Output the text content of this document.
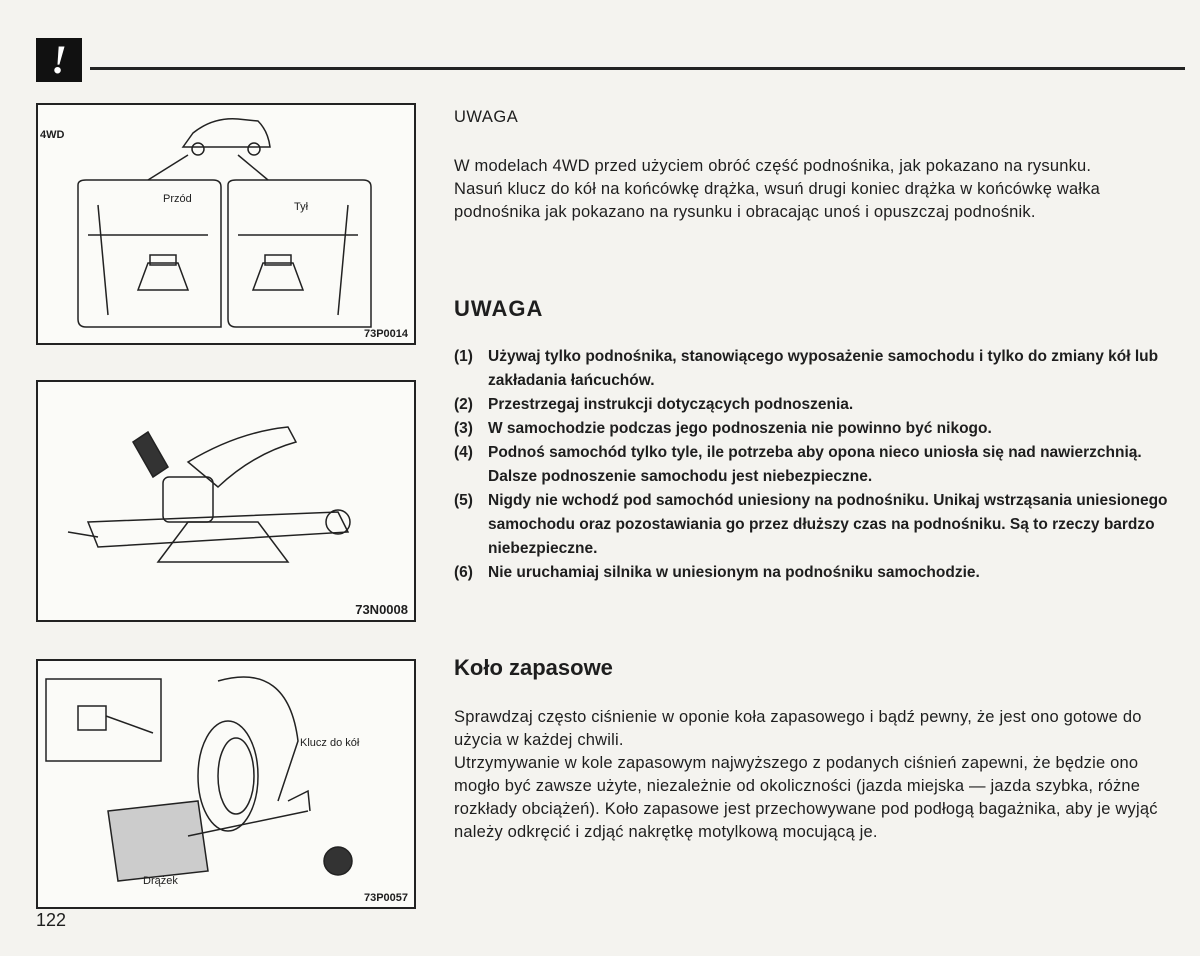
!
4WD
Przód
Tył
73P0014
73N0008
Klucz do kół
Drążek
73P0057
UWAGA

W modelach 4WD przed użyciem obróć część podnośnika, jak pokazano na rysunku.

Nasuń klucz do kół na końcówkę drążka, wsuń drugi koniec drążka w końcówkę wałka podnośnika jak pokazano na rysunku i obracając unoś i opuszczaj podnośnik.

UWAGA
(1) Używaj tylko podnośnika, stanowiącego wyposażenie samochodu i tylko do zmiany kół lub zakładania łańcuchów.
(2) Przestrzegaj instrukcji dotyczących podnoszenia.
(3) W samochodzie podczas jego podnoszenia nie powinno być nikogo.
(4) Podnoś samochód tylko tyle, ile potrzeba aby opona nieco uniosła się nad nawierzchnią. Dalsze podnoszenie samochodu jest niebezpieczne.
(5) Nigdy nie wchodź pod samochód uniesiony na podnośniku. Unikaj wstrząsania uniesionego samochodu oraz pozostawiania go przez dłuższy czas na podnośniku. Są to rzeczy bardzo niebezpieczne.
(6) Nie uruchamiaj silnika w uniesionym na podnośniku samochodzie.
Koło zapasowe

Sprawdzaj często ciśnienie w oponie koła zapasowego i bądź pewny, że jest ono gotowe do użycia w każdej chwili.

Utrzymywanie w kole zapasowym najwyższego z podanych ciśnień zapewni, że będzie ono mogło być zawsze użyte, niezależnie od okoliczności (jazda miejska — jazda szybka, różne rozkłady obciążeń). Koło zapasowe jest przechowywane pod podłogą bagażnika, aby je wyjąć należy odkręcić i zdjąć nakrętkę motylkową mocującą je.

122
